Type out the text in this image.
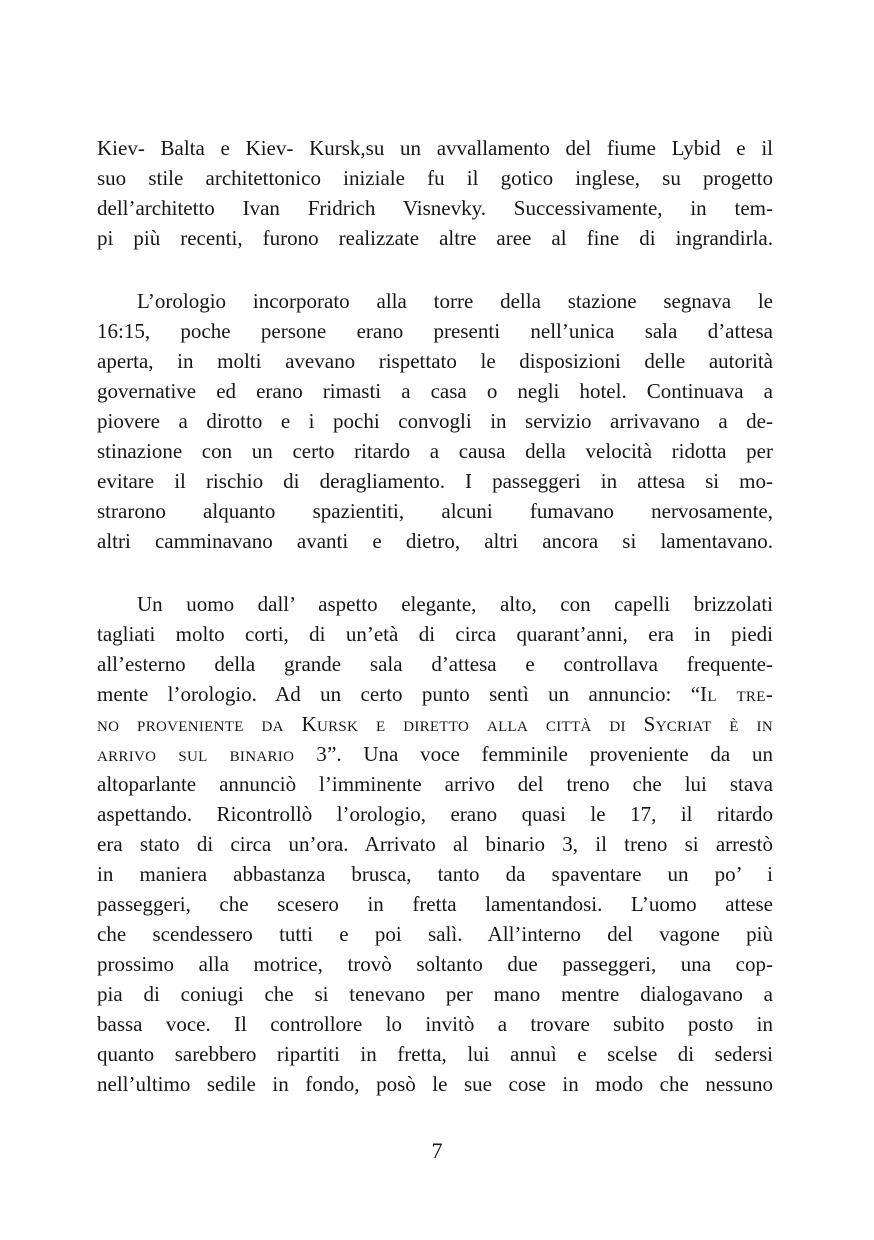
Kiev- Balta e Kiev- Kursk,su un avvallamento del fiume Lybid e il
suo stile architettonico iniziale fu il gotico inglese, su progetto
dell’architetto Ivan Fridrich Visnevky. Successivamente, in tem-
pi più recenti, furono realizzate altre aree al fine di ingrandirla.

L’orologio incorporato alla torre della stazione segnava le
16:15, poche persone erano presenti nell’unica sala d’attesa
aperta, in molti avevano rispettato le disposizioni delle autorità
governative ed erano rimasti a casa o negli hotel. Continuava a
piovere a dirotto e i pochi convogli in servizio arrivavano a de-
stinazione con un certo ritardo a causa della velocità ridotta per
evitare il rischio di deragliamento. I passeggeri in attesa si mo-
strarono alquanto spazientiti, alcuni fumavano nervosamente,
altri camminavano avanti e dietro, altri ancora si lamentavano.

Un uomo dall’ aspetto elegante, alto, con capelli brizzolati
tagliati molto corti, di un’età di circa quarant’anni, era in piedi
all’esterno della grande sala d’attesa e controllava frequente-
mente l’orologio. Ad un certo punto sentì un annuncio: “Il tre-
no proveniente da Kursk e diretto alla città di Sycriat è in
arrivo sul binario 3”. Una voce femminile proveniente da un
altoparlante annunciò l’imminente arrivo del treno che lui stava
aspettando. Ricontrollò l’orologio, erano quasi le 17, il ritardo
era stato di circa un’ora. Arrivato al binario 3, il treno si arrestò
in maniera abbastanza brusca, tanto da spaventare un po’ i
passeggeri, che scesero in fretta lamentandosi. L’uomo attese
che scendessero tutti e poi salì. All’interno del vagone più
prossimo alla motrice, trovò soltanto due passeggeri, una cop-
pia di coniugi che si tenevano per mano mentre dialogavano a
bassa voce. Il controllore lo invitò a trovare subito posto in
quanto sarebbero ripartiti in fretta, lui annuì e scelse di sedersi
nell’ultimo sedile in fondo, posò le sue cose in modo che nessuno

7
